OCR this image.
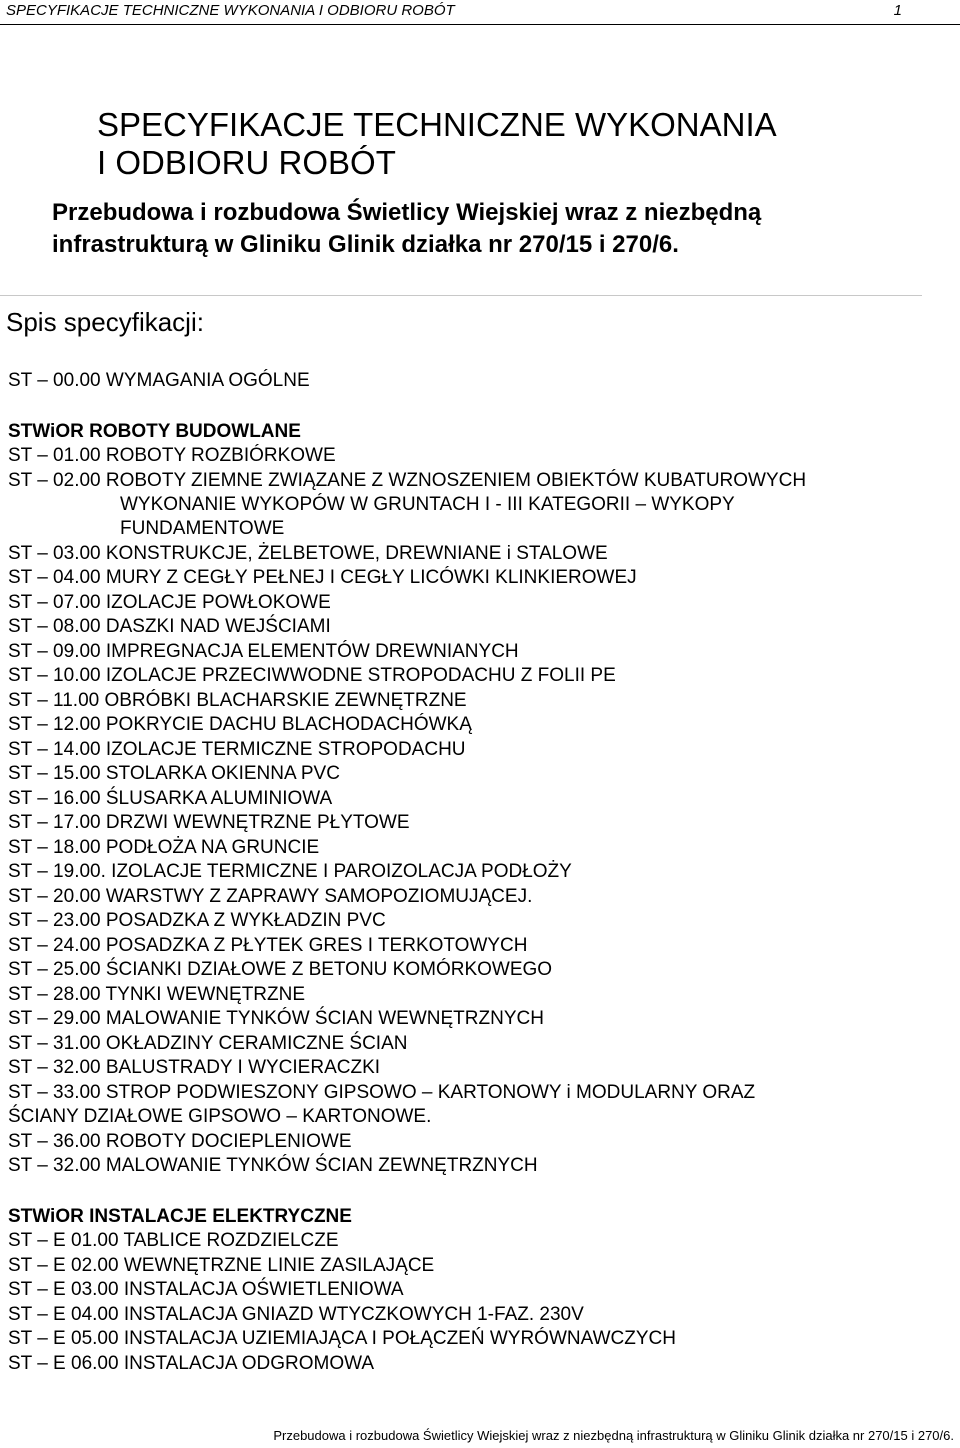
SPECYFIKACJE TECHNICZNE WYKONANIA I ODBIORU ROBÓT	1
SPECYFIKACJE TECHNICZNE WYKONANIA
I ODBIORU ROBÓT
Przebudowa i rozbudowa Świetlicy Wiejskiej wraz z niezbędną
infrastrukturą w Gliniku Glinik działka nr 270/15 i 270/6.
Spis specyfikacji:
ST – 00.00 WYMAGANIA OGÓLNE
STWiOR ROBOTY BUDOWLANE
ST – 01.00 ROBOTY ROZBIÓRKOWE
ST – 02.00 ROBOTY ZIEMNE ZWIĄZANE Z WZNOSZENIEM OBIEKTÓW KUBATUROWYCH
WYKONANIE WYKOPÓW W GRUNTACH I - III KATEGORII – WYKOPY
FUNDAMENTOWE
ST – 03.00 KONSTRUKCJE, ŻELBETOWE, DREWNIANE i STALOWE
ST – 04.00 MURY Z CEGŁY PEŁNEJ I CEGŁY LICÓWKI KLINKIEROWEJ
ST – 07.00 IZOLACJE POWŁOKOWE
ST – 08.00 DASZKI NAD WEJŚCIAMI
ST – 09.00 IMPREGNACJA ELEMENTÓW DREWNIANYCH
ST – 10.00 IZOLACJE PRZECIWWODNE STROPODACHU Z FOLII PE
ST – 11.00 OBRÓBKI BLACHARSKIE ZEWNĘTRZNE
ST – 12.00 POKRYCIE DACHU BLACHODACHÓWKĄ
ST – 14.00 IZOLACJE TERMICZNE STROPODACHU
ST – 15.00 STOLARKA OKIENNA PVC
ST – 16.00 ŚLUSARKA ALUMINIOWA
ST – 17.00 DRZWI WEWNĘTRZNE PŁYTOWE
ST – 18.00 PODŁOŻA NA GRUNCIE
ST – 19.00. IZOLACJE TERMICZNE I PAROIZOLACJA PODŁOŻY
ST – 20.00 WARSTWY Z ZAPRAWY SAMOPOZIOMUJĄCEJ.
ST – 23.00 POSADZKA Z WYKŁADZIN PVC
ST – 24.00 POSADZKA Z PŁYTEK GRES I TERKOTOWYCH
ST – 25.00 ŚCIANKI DZIAŁOWE Z BETONU KOMÓRKOWEGO
ST – 28.00 TYNKI WEWNĘTRZNE
ST – 29.00 MALOWANIE TYNKÓW ŚCIAN WEWNĘTRZNYCH
ST – 31.00 OKŁADZINY CERAMICZNE ŚCIAN
ST – 32.00 BALUSTRADY I WYCIERACZKI
ST – 33.00 STROP PODWIESZONY GIPSOWO – KARTONOWY i MODULARNY ORAZ
ŚCIANY DZIAŁOWE GIPSOWO – KARTONOWE.
ST – 36.00 ROBOTY DOCIEPLENIOWE
ST – 32.00 MALOWANIE TYNKÓW ŚCIAN ZEWNĘTRZNYCH
STWiOR INSTALACJE ELEKTRYCZNE
ST – E 01.00 TABLICE ROZDZIELCZE
ST – E 02.00 WEWNĘTRZNE LINIE ZASILAJĄCE
ST – E 03.00 INSTALACJA OŚWIETLENIOWA
ST – E 04.00 INSTALACJA GNIAZD WTYCZKOWYCH 1-FAZ. 230V
ST – E 05.00 INSTALACJA UZIEMIAJĄCA I POŁĄCZEŃ WYRÓWNAWCZYCH
ST – E 06.00 INSTALACJA ODGROMOWA
Przebudowa i rozbudowa Świetlicy Wiejskiej wraz z niezbędną infrastrukturą w Gliniku Glinik działka nr 270/15 i 270/6.
